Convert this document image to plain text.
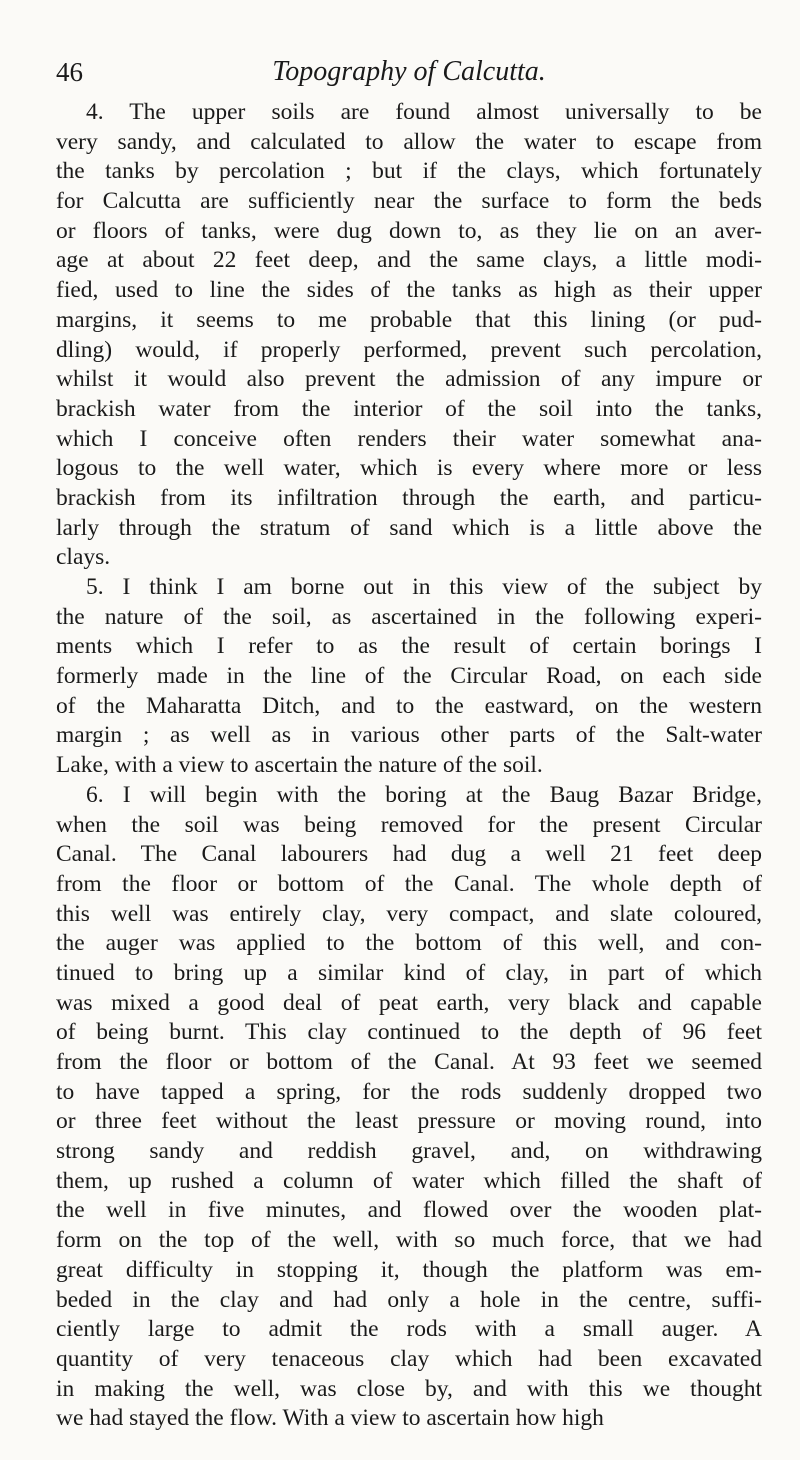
46	Topography of Calcutta.
4. The upper soils are found almost universally to be
very sandy, and calculated to allow the water to escape from
the tanks by percolation ; but if the clays, which fortunately
for Calcutta are sufficiently near the surface to form the beds
or floors of tanks, were dug down to, as they lie on an aver-
age at about 22 feet deep, and the same clays, a little modi-
fied, used to line the sides of the tanks as high as their upper
margins, it seems to me probable that this lining (or pud-
dling) would, if properly performed, prevent such percolation,
whilst it would also prevent the admission of any impure or
brackish water from the interior of the soil into the tanks,
which I conceive often renders their water somewhat ana-
logous to the well water, which is every where more or less
brackish from its infiltration through the earth, and particu-
larly through the stratum of sand which is a little above the
clays.
5. I think I am borne out in this view of the subject by
the nature of the soil, as ascertained in the following experi-
ments which I refer to as the result of certain borings I
formerly made in the line of the Circular Road, on each side
of the Maharatta Ditch, and to the eastward, on the western
margin ; as well as in various other parts of the Salt-water
Lake, with a view to ascertain the nature of the soil.
6. I will begin with the boring at the Baug Bazar Bridge,
when the soil was being removed for the present Circular
Canal. The Canal labourers had dug a well 21 feet deep
from the floor or bottom of the Canal. The whole depth of
this well was entirely clay, very compact, and slate coloured,
the auger was applied to the bottom of this well, and con-
tinued to bring up a similar kind of clay, in part of which
was mixed a good deal of peat earth, very black and capable
of being burnt. This clay continued to the depth of 96 feet
from the floor or bottom of the Canal. At 93 feet we seemed
to have tapped a spring, for the rods suddenly dropped two
or three feet without the least pressure or moving round, into
strong sandy and reddish gravel, and, on withdrawing
them, up rushed a column of water which filled the shaft of
the well in five minutes, and flowed over the wooden plat-
form on the top of the well, with so much force, that we had
great difficulty in stopping it, though the platform was em-
beded in the clay and had only a hole in the centre, suffi-
ciently large to admit the rods with a small auger. A
quantity of very tenaceous clay which had been excavated
in making the well, was close by, and with this we thought
we had stayed the flow. With a view to ascertain how high
